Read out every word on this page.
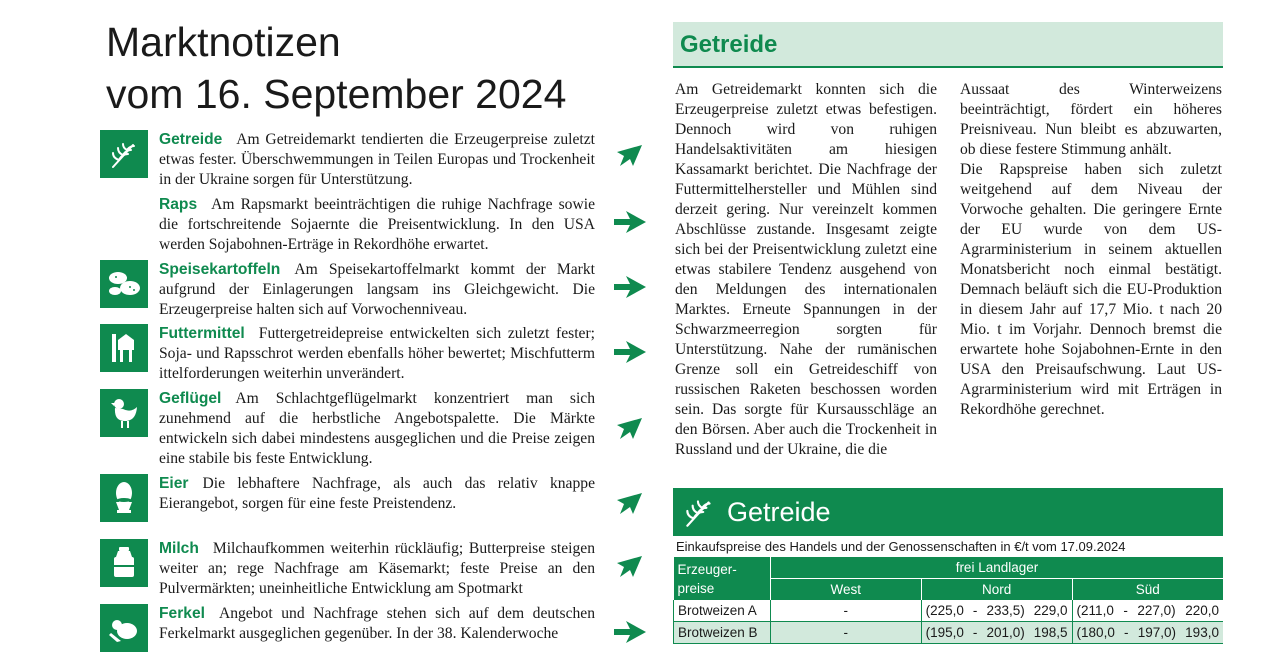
Marktnotizen
vom 16. September 2024
Getreide Am Getreidemarkt tendierten die Erzeugerpreise zuletzt etwas fester. Überschwemmungen in Teilen Europas und Trockenheit in der Ukraine sorgen für Unterstützung.
Raps Am Rapsmarkt beeinträchtigen die ruhige Nachfrage sowie die fortschreitende Sojaernte die Preisentwicklung. In den USA werden Sojabohnen-Erträge in Rekordhöhe erwartet.
Speisekartoffeln Am Speisekartoffelmarkt kommt der Markt aufgrund der Einlagerungen langsam ins Gleichgewicht. Die Erzeugerpreise halten sich auf Vorwochenniveau.
Futtermittel Futtergetreidepreise entwickelten sich zuletzt fester; Soja- und Rapsschrot werden ebenfalls höher bewertet; Mischfutterm ittelforderungen weiterhin unverändert.
Geflügel Am Schlachtgeflügelmarkt konzentriert man sich zunehmend auf die herbstliche Angebotspalette. Die Märkte entwickeln sich dabei mindestens ausgeglichen und die Preise zeigen eine stabile bis feste Entwicklung.
Eier Die lebhaftere Nachfrage, als auch das relativ knappe Eierangebot, sorgen für eine feste Preistendenz.
Milch Milchaufkommen weiterhin rückläufig; Butterpreise steigen weiter an; rege Nachfrage am Käsemarkt; feste Preise an den Pulvermärkten; uneinheitliche Entwicklung am Spotmarkt
Ferkel Angebot und Nachfrage stehen sich auf dem deutschen Ferkelmarkt ausgeglichen gegenüber. In der 38. Kalenderwoche
Getreide

Am Getreidemarkt konnten sich die Erzeugerpreise zuletzt etwas befestigen. Dennoch wird von ruhigen Handelsaktivitäten am hiesigen Kassamarkt berichtet. Die Nachfrage der Futtermittelhersteller und Mühlen sind derzeit gering. Nur vereinzelt kommen Abschlüsse zustande. Insgesamt zeigte sich bei der Preisentwicklung zuletzt eine etwas stabilere Tendenz ausgehend von den Meldungen des internationalen Marktes. Erneute Spannungen in der Schwarzmeerregion sorgten für Unterstützung. Nahe der rumänischen Grenze soll ein Getreideschiff von russischen Raketen beschossen worden sein. Das sorgte für Kursausschläge an den Börsen. Aber auch die Trockenheit in Russland und der Ukraine, die die

Aussaat des Winterweizens beeinträchtigt, fördert ein höheres Preisniveau. Nun bleibt es abzuwarten, ob diese festere Stimmung anhält.

Die Rapspreise haben sich zuletzt weitgehend auf dem Niveau der Vorwoche gehalten. Die geringere Ernte der EU wurde von dem US-Agrarministerium in seinem aktuellen Monatsbericht noch einmal bestätigt. Demnach beläuft sich die EU-Produktion in diesem Jahr auf 17,7 Mio. t nach 20 Mio. t im Vorjahr. Dennoch bremst die erwartete hohe Sojabohnen-Ernte in den USA den Preisaufschwung. Laut US-Agrarministerium wird mit Erträgen in Rekordhöhe gerechnet.

Getreide
Einkaufspreise des Handels und der Genossenschaften in €/t vom 17.09.2024
Erzeuger-
preise	frei Landlager		
	West	Nord	Süd
Brotweizen A	-	(225,0 - 233,5) 229,0	(211,0 - 227,0) 220,0

Brotweizen B	-	(195,0 - 201,0) 198,5	(180,0 - 197,0) 193,0
